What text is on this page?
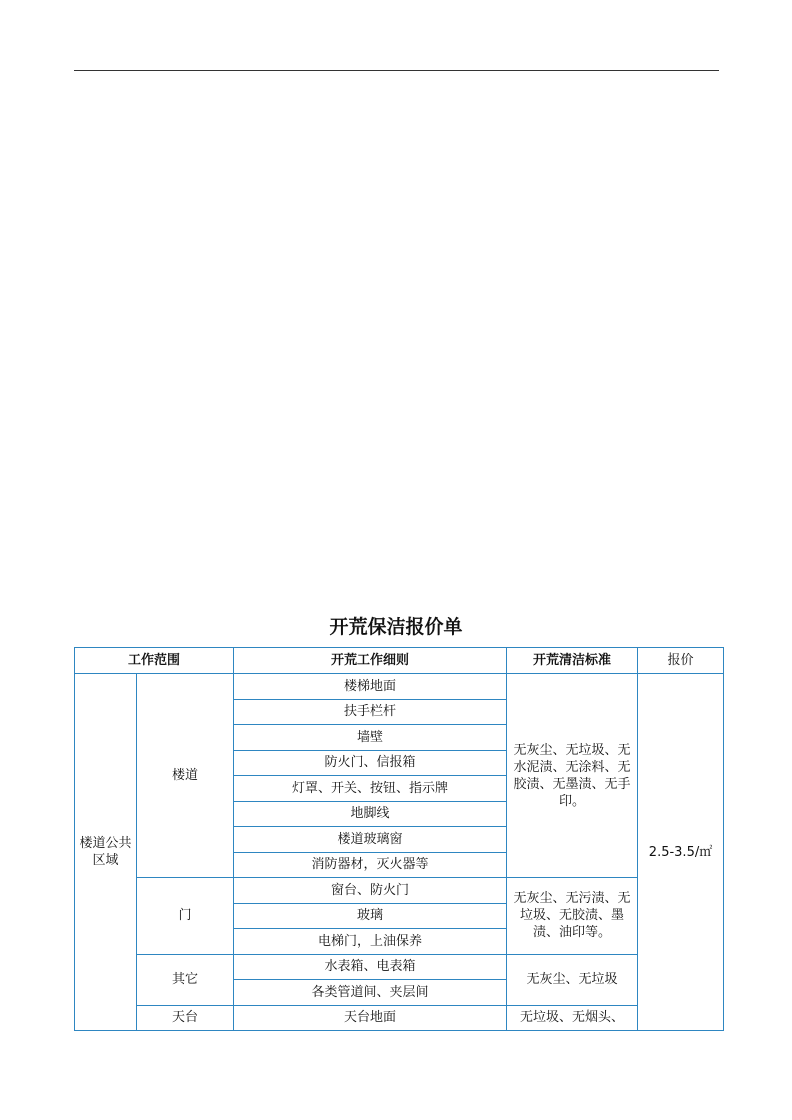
开荒保洁报价单
工作范围		开荒工作细则	开荒清洁标准	报价
楼道公共区域	楼道	楼梯地面	无灰尘、无垃圾、无水泥渍、无涂料、无胶渍、无墨渍、无手印。	2.5-3.5/㎡
		扶手栏杆		
		墙壁		
		防火门、信报箱		
		灯罩、开关、按钮、指示牌		
		地脚线		
		楼道玻璃窗		
		消防器材，灭火器等		
	门	窗台、防火门	无灰尘、无污渍、无垃圾、无胶渍、墨渍、油印等。	
		玻璃		
		电梯门，上油保养		
	其它	水表箱、电表箱	无灰尘、无垃圾	
		各类管道间、夹层间		
	天台	天台地面	无垃圾、无烟头、	
